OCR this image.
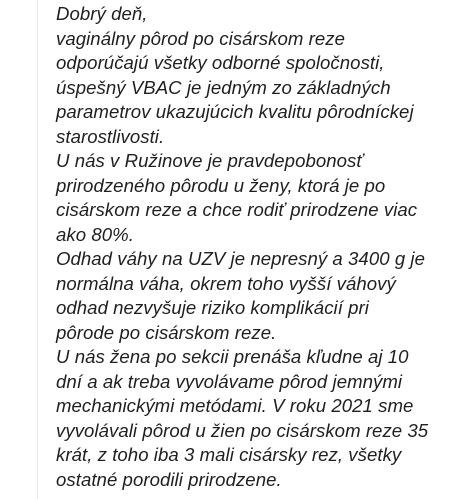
Dobrý deň,
vaginálny pôrod po cisárskom reze
odporúčajú všetky odborné spoločnosti,
úspešný VBAC je jedným zo základných
parametrov ukazujúcich kvalitu pôrodníckej
starostlivosti.
U nás v Ružinove je pravdepobonosť
prirodzeného pôrodu u ženy, ktorá je po
cisárskom reze a chce rodiť prirodzene viac
ako 80%.
Odhad váhy na UZV je nepresný a 3400 g je
normálna váha, okrem toho vyšší váhový
odhad nezvyšuje riziko komplikácií pri
pôrode po cisárskom reze.
U nás žena po sekcii prenáša kľudne aj 10
dní a ak treba vyvolávame pôrod jemnými
mechanickými metódami. V roku 2021 sme
vyvolávali pôrod u žien po cisárskom reze 35
krát, z toho iba 3 mali cisársky rez, všetky
ostatné porodili prirodzene.
